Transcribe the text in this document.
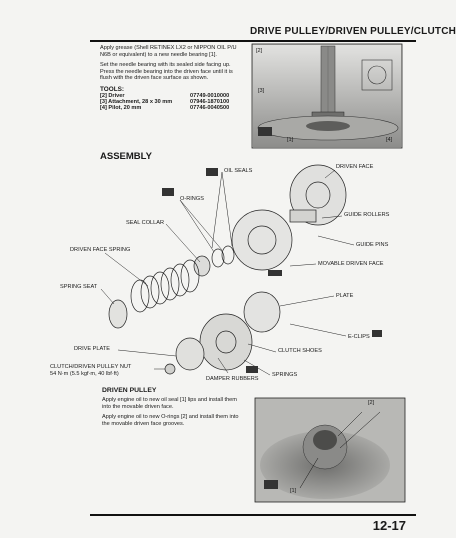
DRIVE PULLEY/DRIVEN PULLEY/CLUTCH
Apply grease (Shell RETINEX LX2 or NIPPON OIL P/U
N6B or equivalent) to a new needle bearing [1].
Set the needle bearing with its sealed side facing up.
Press the needle bearing into the driven face until it is
flush with the driven face surface as shown.
TOOLS:
[2] Driver	07749-0010000
[3] Attachment, 28 x 30 mm	07946-1870100
[4] Pilot, 20 mm	07746-0040500
[2]
[3]
[1]	[4]
ASSEMBLY
OIL SEALS
DRIVEN FACE
O-RINGS
GUIDE ROLLERS
SEAL COLLAR
GUIDE PINS
DRIVEN FACE SPRING
MOVABLE DRIVEN FACE
SPRING SEAT
PLATE
E-CLIPS
DRIVE PLATE	CLUTCH SHOES
CLUTCH/DRIVEN PULLEY NUT
54 N·m (5.5 kgf·m, 40 lbf·ft)	SPRINGS
DAMPER RUBBERS
DRIVEN PULLEY
Apply engine oil to new oil seal [1] lips and install them
into the movable driven face.
Apply engine oil to new O-rings [2] and install them into
the movable driven face grooves.
[2]
[1]
12-17
